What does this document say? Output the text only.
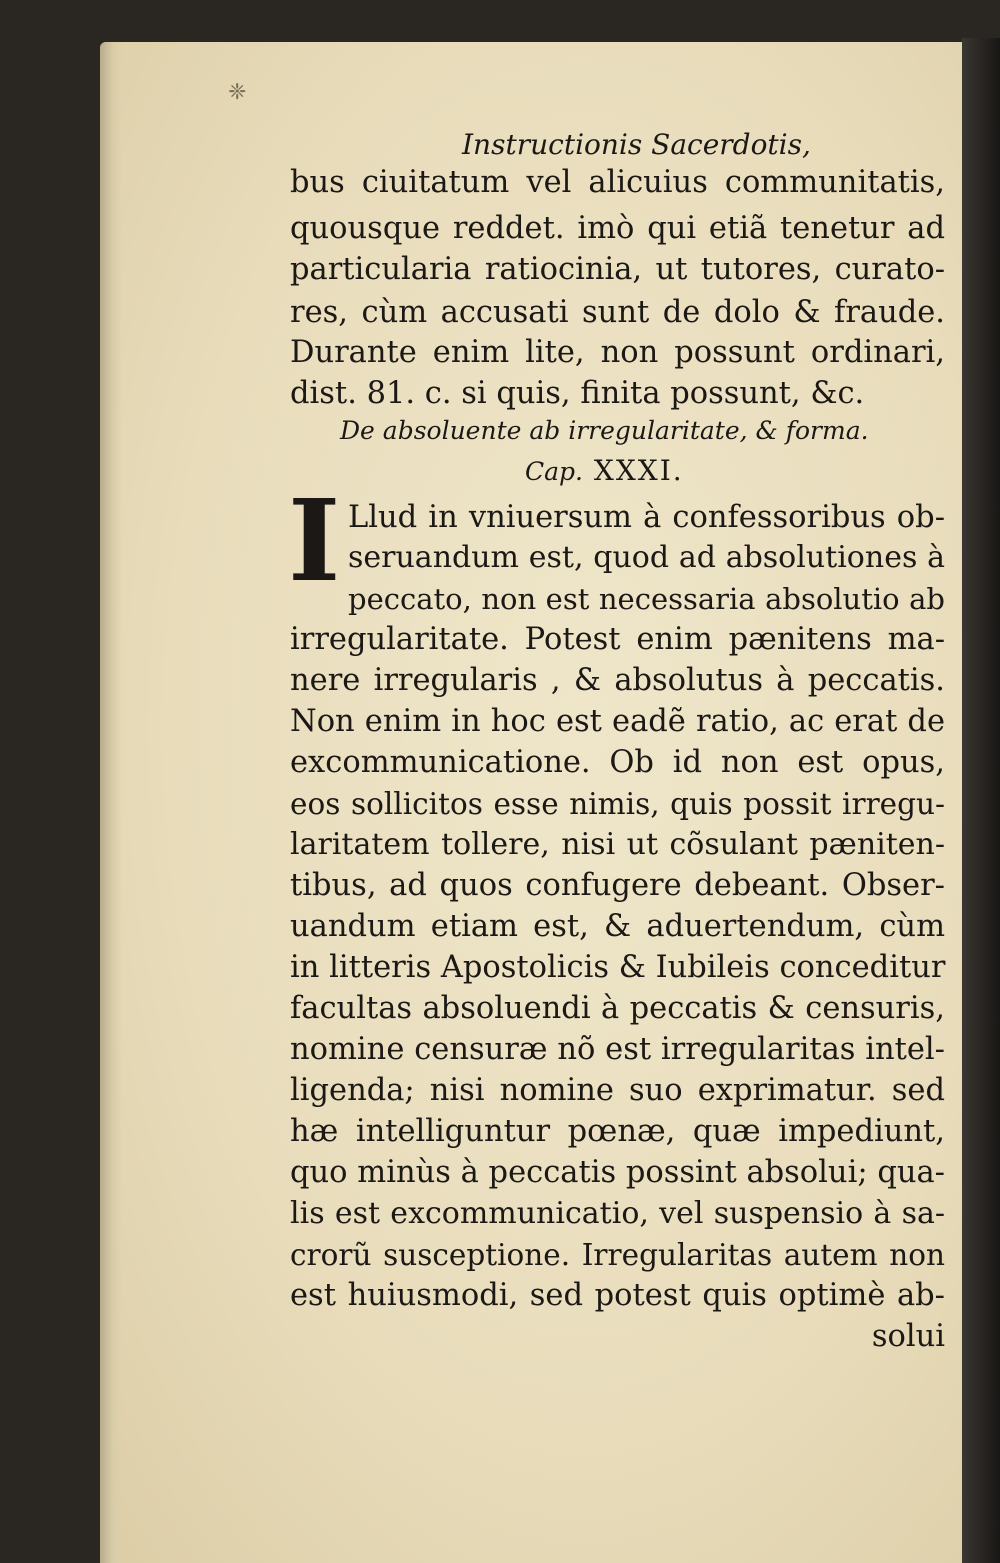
❈
Instructionis Sacerdotis,
bus ciuitatum vel alicuius communitatis,
quousque reddet. imò qui etiã tenetur ad
particularia ratiocinia, ut tutores, curato-
res, cùm accusati sunt de dolo & fraude.
Durante enim lite, non possunt ordinari,
dist. 81. c. si quis, finita possunt, &c.
De absoluente ab irregularitate, & forma.
Cap. XXXI.
I Llud in vniuersum à confessoribus ob-
seruandum est, quod ad absolutiones à
peccato, non est necessaria absolutio ab
irregularitate. Potest enim pænitens ma-
nere irregularis , & absolutus à peccatis.
Non enim in hoc est eadẽ ratio, ac erat de
excommunicatione. Ob id non est opus,
eos sollicitos esse nimis, quis possit irregu-
laritatem tollere, nisi ut cõsulant pæniten-
tibus, ad quos confugere debeant. Obser-
uandum etiam est, & aduertendum, cùm
in litteris Apostolicis & Iubileis conceditur
facultas absoluendi à peccatis & censuris,
nomine censuræ nõ est irregularitas intel-
ligenda; nisi nomine suo exprimatur. sed
hæ intelliguntur pœnæ, quæ impediunt,
quo minùs à peccatis possint absolui; qua-
lis est excommunicatio, vel suspensio à sa-
crorũ susceptione. Irregularitas autem non
est huiusmodi, sed potest quis optimè ab-
solui
